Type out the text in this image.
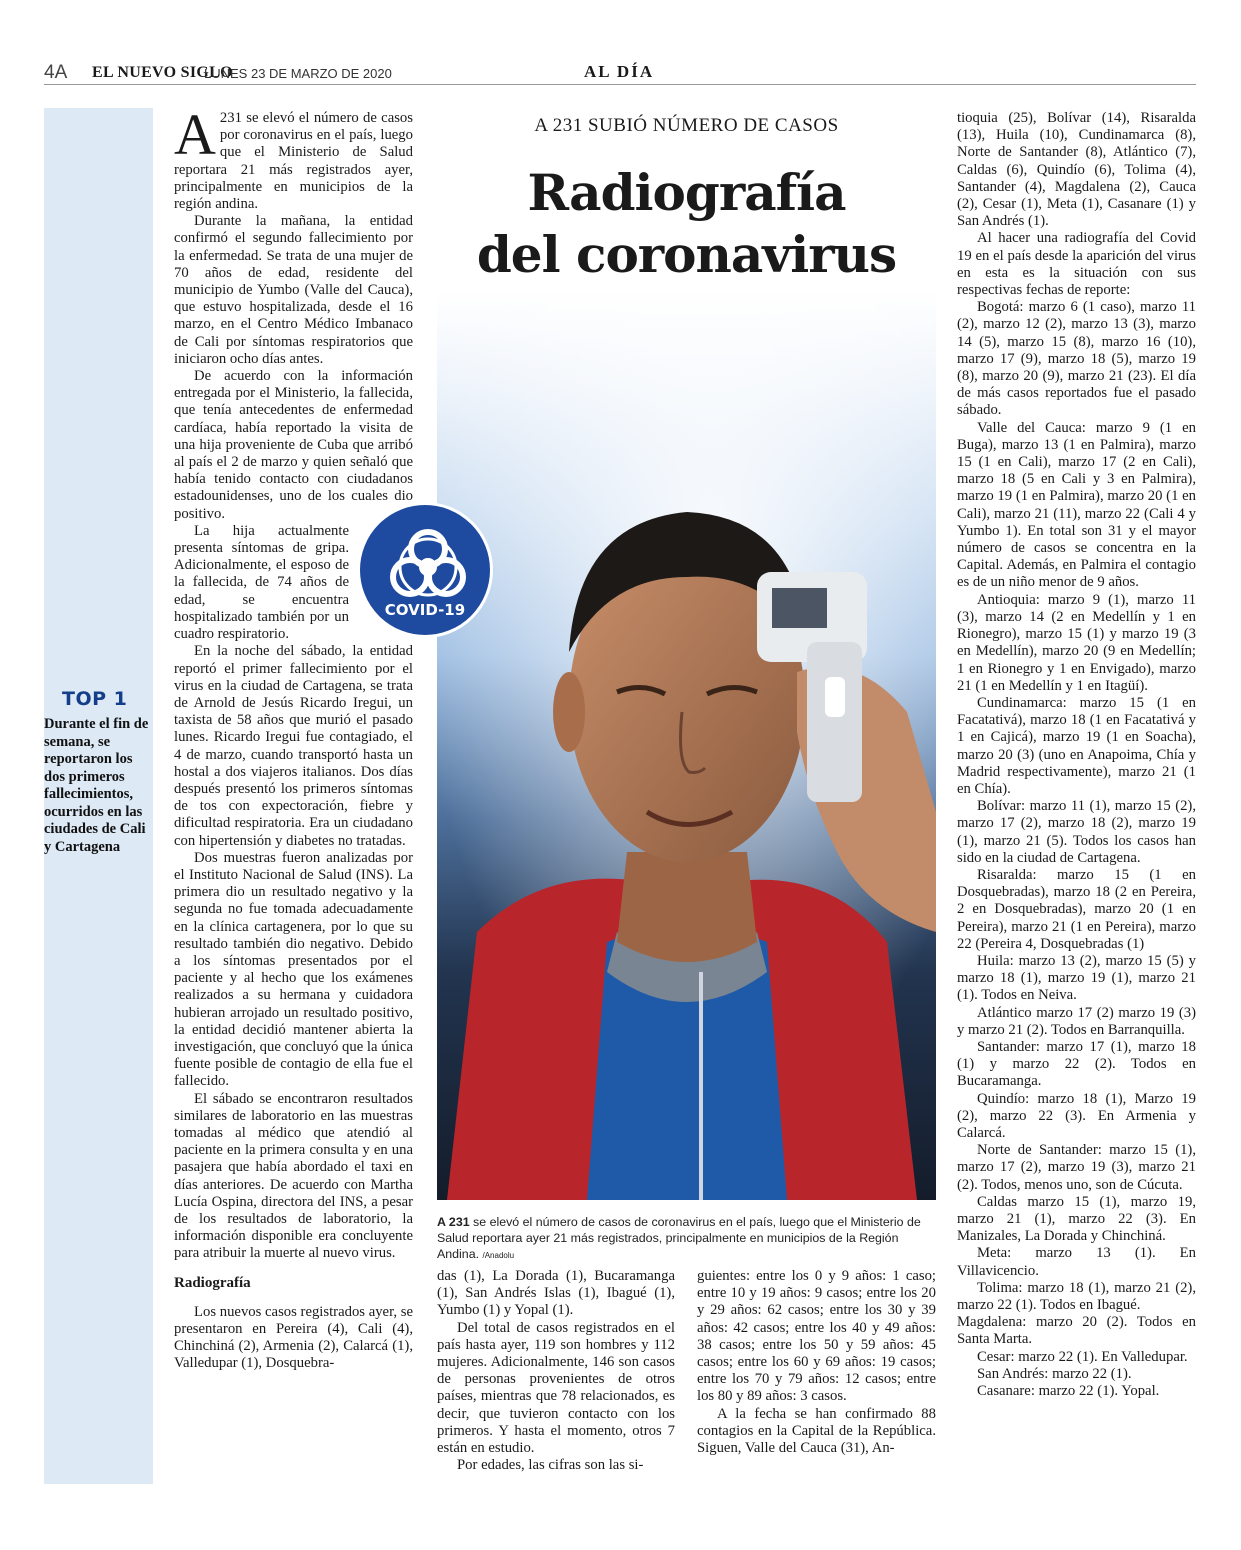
4A EL NUEVO SIGLO
LUNES 23 DE MARZO DE 2020	AL DÍA
TOP 1
Durante el fin de semana, se reportaron los dos primeros fallecimientos, ocurridos en las ciudades de Cali y Cartagena

A 231 se elevó el número de casos por coronavirus en el país, luego que el Ministerio de Salud reportara 21 más registrados ayer, principalmente en municipios de la región andina.

Durante la mañana, la entidad confirmó el segundo fallecimiento por la enfermedad. Se trata de una mujer de 70 años de edad, residente del municipio de Yumbo (Valle del Cauca), que estuvo hospitalizada, desde el 16 marzo, en el Centro Médico Imbanaco de Cali por síntomas respiratorios que iniciaron ocho días antes.

De acuerdo con la información entregada por el Ministerio, la fallecida, que tenía antecedentes de enfermedad cardíaca, había reportado la visita de una hija proveniente de Cuba que arribó al país el 2 de marzo y quien señaló que había tenido contacto con ciudadanos estadounidenses, uno de los cuales dio positivo.

La hija actualmente presenta síntomas de gripa. Adicionalmente, el esposo de la fallecida, de 74 años de edad, se encuentra hospitalizado también por un cuadro respiratorio.

En la noche del sábado, la entidad reportó el primer fallecimiento por el virus en la ciudad de Cartagena, se trata de Arnold de Jesús Ricardo Iregui, un taxista de 58 años que murió el pasado lunes. Ricardo Iregui fue contagiado, el 4 de marzo, cuando transportó hasta un hostal a dos viajeros italianos. Dos días después presentó los primeros síntomas de tos con expectoración, fiebre y dificultad respiratoria. Era un ciudadano con hipertensión y diabetes no tratadas.

Dos muestras fueron analizadas por el Instituto Nacional de Salud (INS). La primera dio un resultado negativo y la segunda no fue tomada adecuadamente en la clínica cartagenera, por lo que su resultado también dio negativo. Debido a los síntomas presentados por el paciente y al hecho que los exámenes realizados a su hermana y cuidadora hubieran arrojado un resultado positivo, la entidad decidió mantener abierta la investigación, que concluyó que la única fuente posible de contagio de ella fue el fallecido.

El sábado se encontraron resultados similares de laboratorio en las muestras tomadas al médico que atendió al paciente en la primera consulta y en una pasajera que había abordado el taxi en días anteriores. De acuerdo con Martha Lucía Ospina, directora del INS, a pesar de los resultados de laboratorio, la información disponible era concluyente para atribuir la muerte al nuevo virus.

Radiografía

Los nuevos casos registrados ayer, se presentaron en Pereira (4), Cali (4), Chinchiná (2), Armenia (2), Calarcá (1), Valledupar (1), Dosquebra-

A 231 SUBIÓ NÚMERO DE CASOS
Radiografía
del coronavirus

COVID-19
A 231 se elevó el número de casos de coronavirus en el país, luego que el Ministerio de Salud reportara ayer 21 más registrados, principalmente en municipios de la Región Andina. /Anadolu

das (1), La Dorada (1), Bucaramanga (1), San Andrés Islas (1), Ibagué (1), Yumbo (1) y Yopal (1).

Del total de casos registrados en el país hasta ayer, 119 son hombres y 112 mujeres. Adicionalmente, 146 son casos de personas provenientes de otros países, mientras que 78 relacionados, es decir, que tuvieron contacto con los primeros. Y hasta el momento, otros 7 están en estudio.

Por edades, las cifras son las si-

guientes: entre los 0 y 9 años: 1 caso; entre 10 y 19 años: 9 casos; entre los 20 y 29 años: 62 casos; entre los 30 y 39 años: 42 casos; entre los 40 y 49 años: 38 casos; entre los 50 y 59 años: 45 casos; entre los 60 y 69 años: 19 casos; entre los 70 y 79 años: 12 casos; entre los 80 y 89 años: 3 casos.

A la fecha se han confirmado 88 contagios en la Capital de la República. Siguen, Valle del Cauca (31), An-

tioquia (25), Bolívar (14), Risaralda (13), Huila (10), Cundinamarca (8), Norte de Santander (8), Atlántico (7), Caldas (6), Quindío (6), Tolima (4), Santander (4), Magdalena (2), Cauca (2), Cesar (1), Meta (1), Casanare (1) y San Andrés (1).

Al hacer una radiografía del Covid 19 en el país desde la aparición del virus en esta es la situación con sus respectivas fechas de reporte:

Bogotá: marzo 6 (1 caso), marzo 11 (2), marzo 12 (2), marzo 13 (3), marzo 14 (5), marzo 15 (8), marzo 16 (10), marzo 17 (9), marzo 18 (5), marzo 19 (8), marzo 20 (9), marzo 21 (23). El día de más casos reportados fue el pasado sábado.

Valle del Cauca: marzo 9 (1 en Buga), marzo 13 (1 en Palmira), marzo 15 (1 en Cali), marzo 17 (2 en Cali), marzo 18 (5 en Cali y 3 en Palmira), marzo 19 (1 en Palmira), marzo 20 (1 en Cali), marzo 21 (11), marzo 22 (Cali 4 y Yumbo 1). En total son 31 y el mayor número de casos se concentra en la Capital. Además, en Palmira el contagio es de un niño menor de 9 años.

Antioquia: marzo 9 (1), marzo 11 (3), marzo 14 (2 en Medellín y 1 en Rionegro), marzo 15 (1) y marzo 19 (3 en Medellín), marzo 20 (9 en Medellín; 1 en Rionegro y 1 en Envigado), marzo 21 (1 en Medellín y 1 en Itagüí).

Cundinamarca: marzo 15 (1 en Facatativá), marzo 18 (1 en Facatativá y 1 en Cajicá), marzo 19 (1 en Soacha), marzo 20 (3) (uno en Anapoima, Chía y Madrid respectivamente), marzo 21 (1 en Chía).

Bolívar: marzo 11 (1), marzo 15 (2), marzo 17 (2), marzo 18 (2), marzo 19 (1), marzo 21 (5). Todos los casos han sido en la ciudad de Cartagena.

Risaralda: marzo 15 (1 en Dosquebradas), marzo 18 (2 en Pereira, 2 en Dosquebradas), marzo 20 (1 en Pereira), marzo 21 (1 en Pereira), marzo 22 (Pereira 4, Dosquebradas (1)

Huila: marzo 13 (2), marzo 15 (5) y marzo 18 (1), marzo 19 (1), marzo 21 (1). Todos en Neiva.

Atlántico marzo 17 (2) marzo 19 (3) y marzo 21 (2). Todos en Barranquilla.

Santander: marzo 17 (1), marzo 18 (1) y marzo 22 (2). Todos en Bucaramanga.

Quindío: marzo 18 (1), Marzo 19 (2), marzo 22 (3). En Armenia y Calarcá.

Norte de Santander: marzo 15 (1), marzo 17 (2), marzo 19 (3), marzo 21 (2). Todos, menos uno, son de Cúcuta.

Caldas marzo 15 (1), marzo 19, marzo 21 (1), marzo 22 (3). En Manizales, La Dorada y Chinchiná.

Meta: marzo 13 (1). En Villavicencio.

Tolima: marzo 18 (1), marzo 21 (2), marzo 22 (1). Todos en Ibagué.

Magdalena: marzo 20 (2). Todos en Santa Marta.

Cesar: marzo 22 (1). En Valledupar.

San Andrés: marzo 22 (1).

Casanare: marzo 22 (1). Yopal.
